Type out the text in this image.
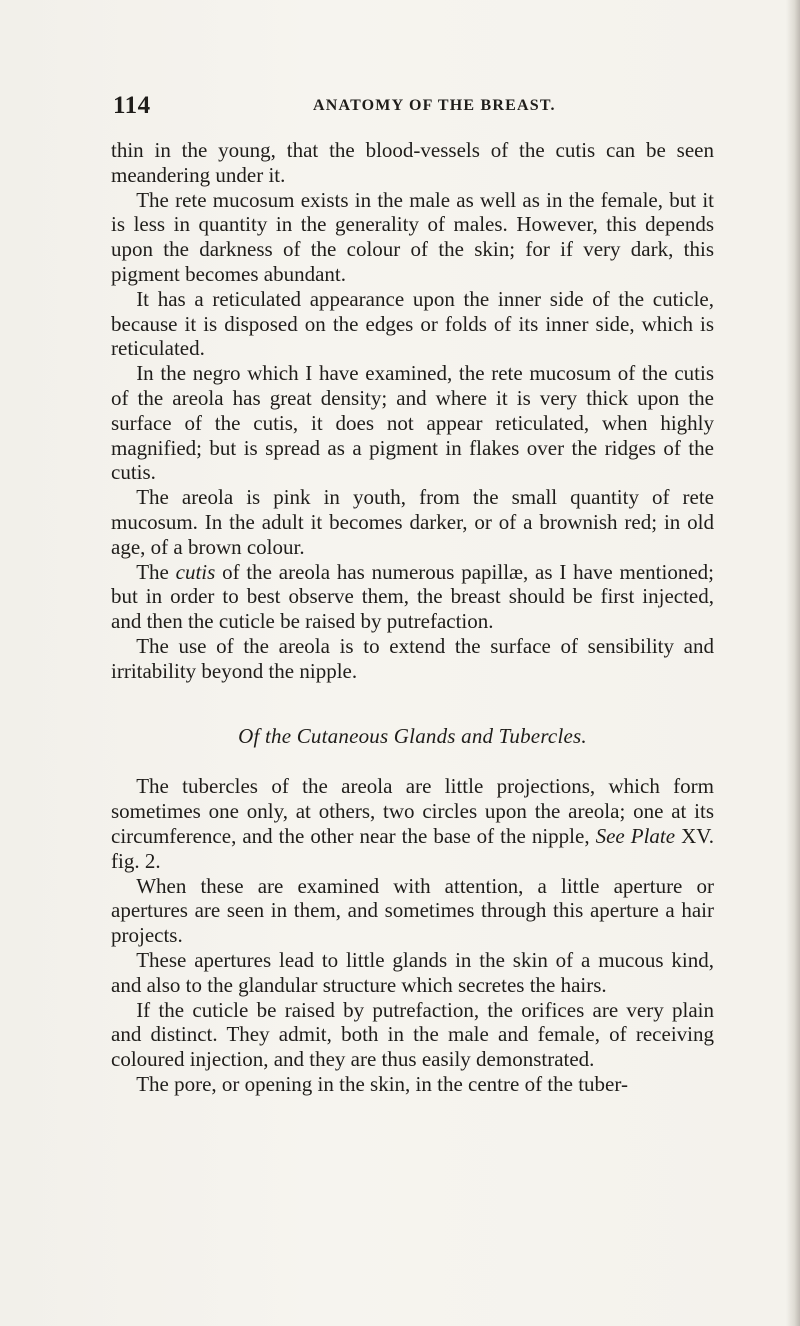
114	ANATOMY OF THE BREAST.

thin in the young, that the blood-vessels of the cutis can be seen meandering under it.

The rete mucosum exists in the male as well as in the female, but it is less in quantity in the generality of males. However, this depends upon the darkness of the colour of the skin; for if very dark, this pigment becomes abundant.

It has a reticulated appearance upon the inner side of the cuticle, because it is disposed on the edges or folds of its inner side, which is reticulated.

In the negro which I have examined, the rete mucosum of the cutis of the areola has great density; and where it is very thick upon the surface of the cutis, it does not appear reticulated, when highly magnified; but is spread as a pigment in flakes over the ridges of the cutis.

The areola is pink in youth, from the small quantity of rete mucosum. In the adult it becomes darker, or of a brownish red; in old age, of a brown colour.

The cutis of the areola has numerous papillæ, as I have mentioned; but in order to best observe them, the breast should be first injected, and then the cuticle be raised by putrefaction.

The use of the areola is to extend the surface of sensibility and irritability beyond the nipple.

Of the Cutaneous Glands and Tubercles.

The tubercles of the areola are little projections, which form sometimes one only, at others, two circles upon the areola; one at its circumference, and the other near the base of the nipple, See Plate XV. fig. 2.

When these are examined with attention, a little aperture or apertures are seen in them, and sometimes through this aperture a hair projects.

These apertures lead to little glands in the skin of a mucous kind, and also to the glandular structure which secretes the hairs.

If the cuticle be raised by putrefaction, the orifices are very plain and distinct. They admit, both in the male and female, of receiving coloured injection, and they are thus easily demonstrated.

The pore, or opening in the skin, in the centre of the tuber-
